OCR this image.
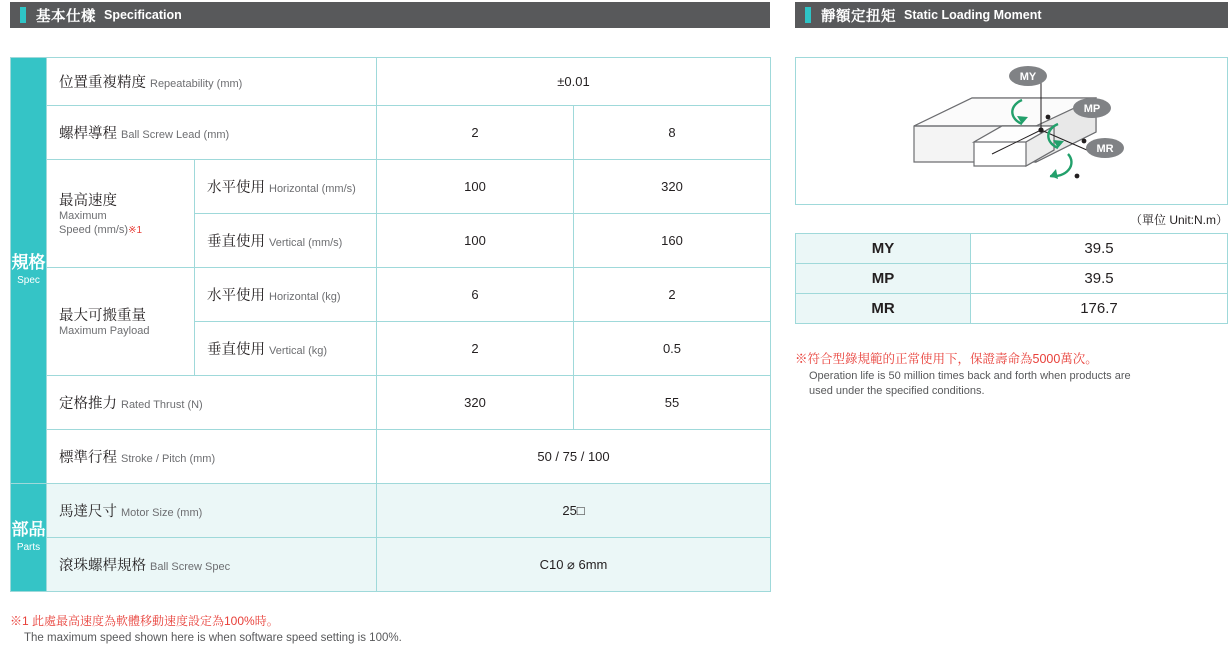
基本仕樣 Specification
規格
Spec	位置重複精度 Repeatability (mm)		±0.01	
	螺桿導程 Ball Screw Lead (mm)		2	8

	最高速度
Maximum
Speed (mm/s)※1	水平使用 Horizontal (mm/s)	100	320
		垂直使用 Vertical (mm/s)	100	160

	最大可搬重量
Maximum Payload	水平使用 Horizontal (kg)	6	2
		垂直使用 Vertical (kg)	2	0.5
	定格推力 Rated Thrust (N)		320	55
	標準行程 Stroke / Pitch (mm)		50 / 75 / 100	

部品
Parts	馬達尺寸 Motor Size (mm)		25□	
	滾珠螺桿規格 Ball Screw Spec		C10 ⌀ 6mm	
※1 此處最高速度為軟體移動速度設定為100%時。
The maximum speed shown here is when software speed setting is 100%.
靜額定扭矩 Static Loading Moment
MY
MP
MR
（單位 Unit:N.m）
MY	39.5
MP	39.5
MR	176.7
※符合型錄規範的正常使用下，保證壽命為5000萬次。
Operation life is 50 million times back and forth when products are
used under the specified conditions.
